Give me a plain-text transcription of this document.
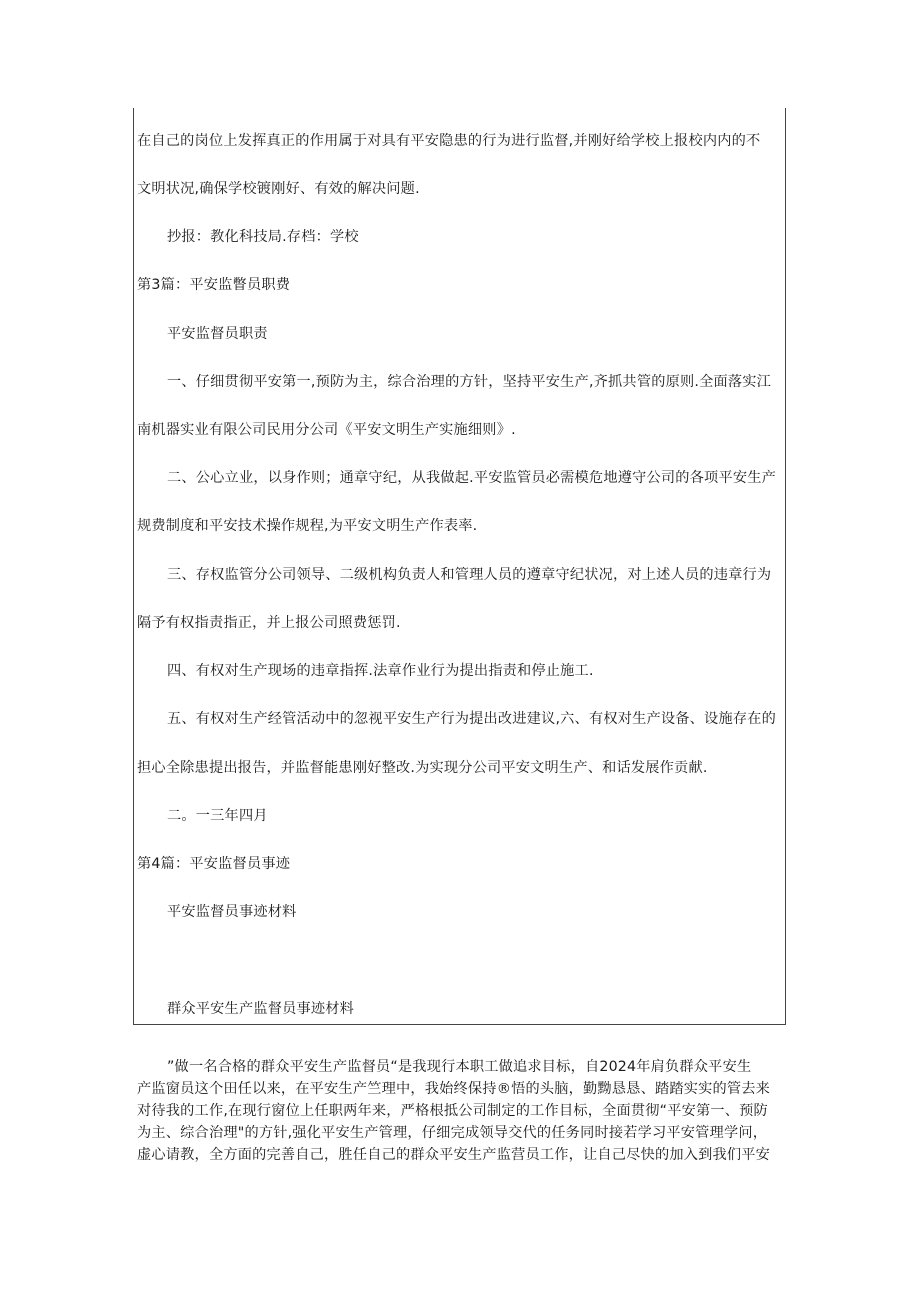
在自己的岗位上发挥真正的作用属于对具有平安隐患的行为进行监督,并刚好给学校上报校内内的不
文明状况,确保学校镀刚好、有效的解决问题.
抄报：教化科技局.存档：学校
第3篇：平安监瞥员职费
平安监督员职责
一、仔细贯彻平安第一,预防为主，综合治理的方针，坚持平安生产,齐抓共管的原则.全面落实江
南机器实业有限公司民用分公司《平安文明生产实施细则》.
二、公心立业，以身作则；通章守纪，从我做起.平安监管员必需模危地遵守公司的各项平安生产
规费制度和平安技术操作规程,为平安文明生产作表率.
三、存权监管分公司领导、二级机构负责人和管理人员的遵章守纪状况，对上述人员的违章行为
隔予有权指责指正，并上报公司照费惩罚.
四、有权对生产现场的违章指挥.法章作业行为提出指责和停止施工.
五、有权对生产经管活动中的忽视平安生产行为提出改进建议,六、有权对生产设备、设施存在的
担心全除患提出报告，并监督能患刚好整改.为实现分公司平安文明生产、和话发展作贡献.
二。一三年四月
第4篇：平安监督员事迹
平安监督员事迹材料
群众平安生产监督员事迹材料

”做一名合格的群众平安生产监督员“是我现行本职工做追求目标，自2024年肩负群众平安生

产监窗员这个田任以来，在平安生产竺理中，我始终保持®悟的头脑，勤黝恳恳、踏踏实实的管去来

对待我的工作,在现行窗位上任职两年来，严格根抵公司制定的工作目标，全面贯彻“平安第一、预防

为主、综合治理"的方针,强化平安生产管理，仔细完成领导交代的任务同时接若学习平安管理学问，

虚心请教，全方面的完善自己，胜任自己的群众平安生产监营员工作，让自己尽快的加入到我们平安
